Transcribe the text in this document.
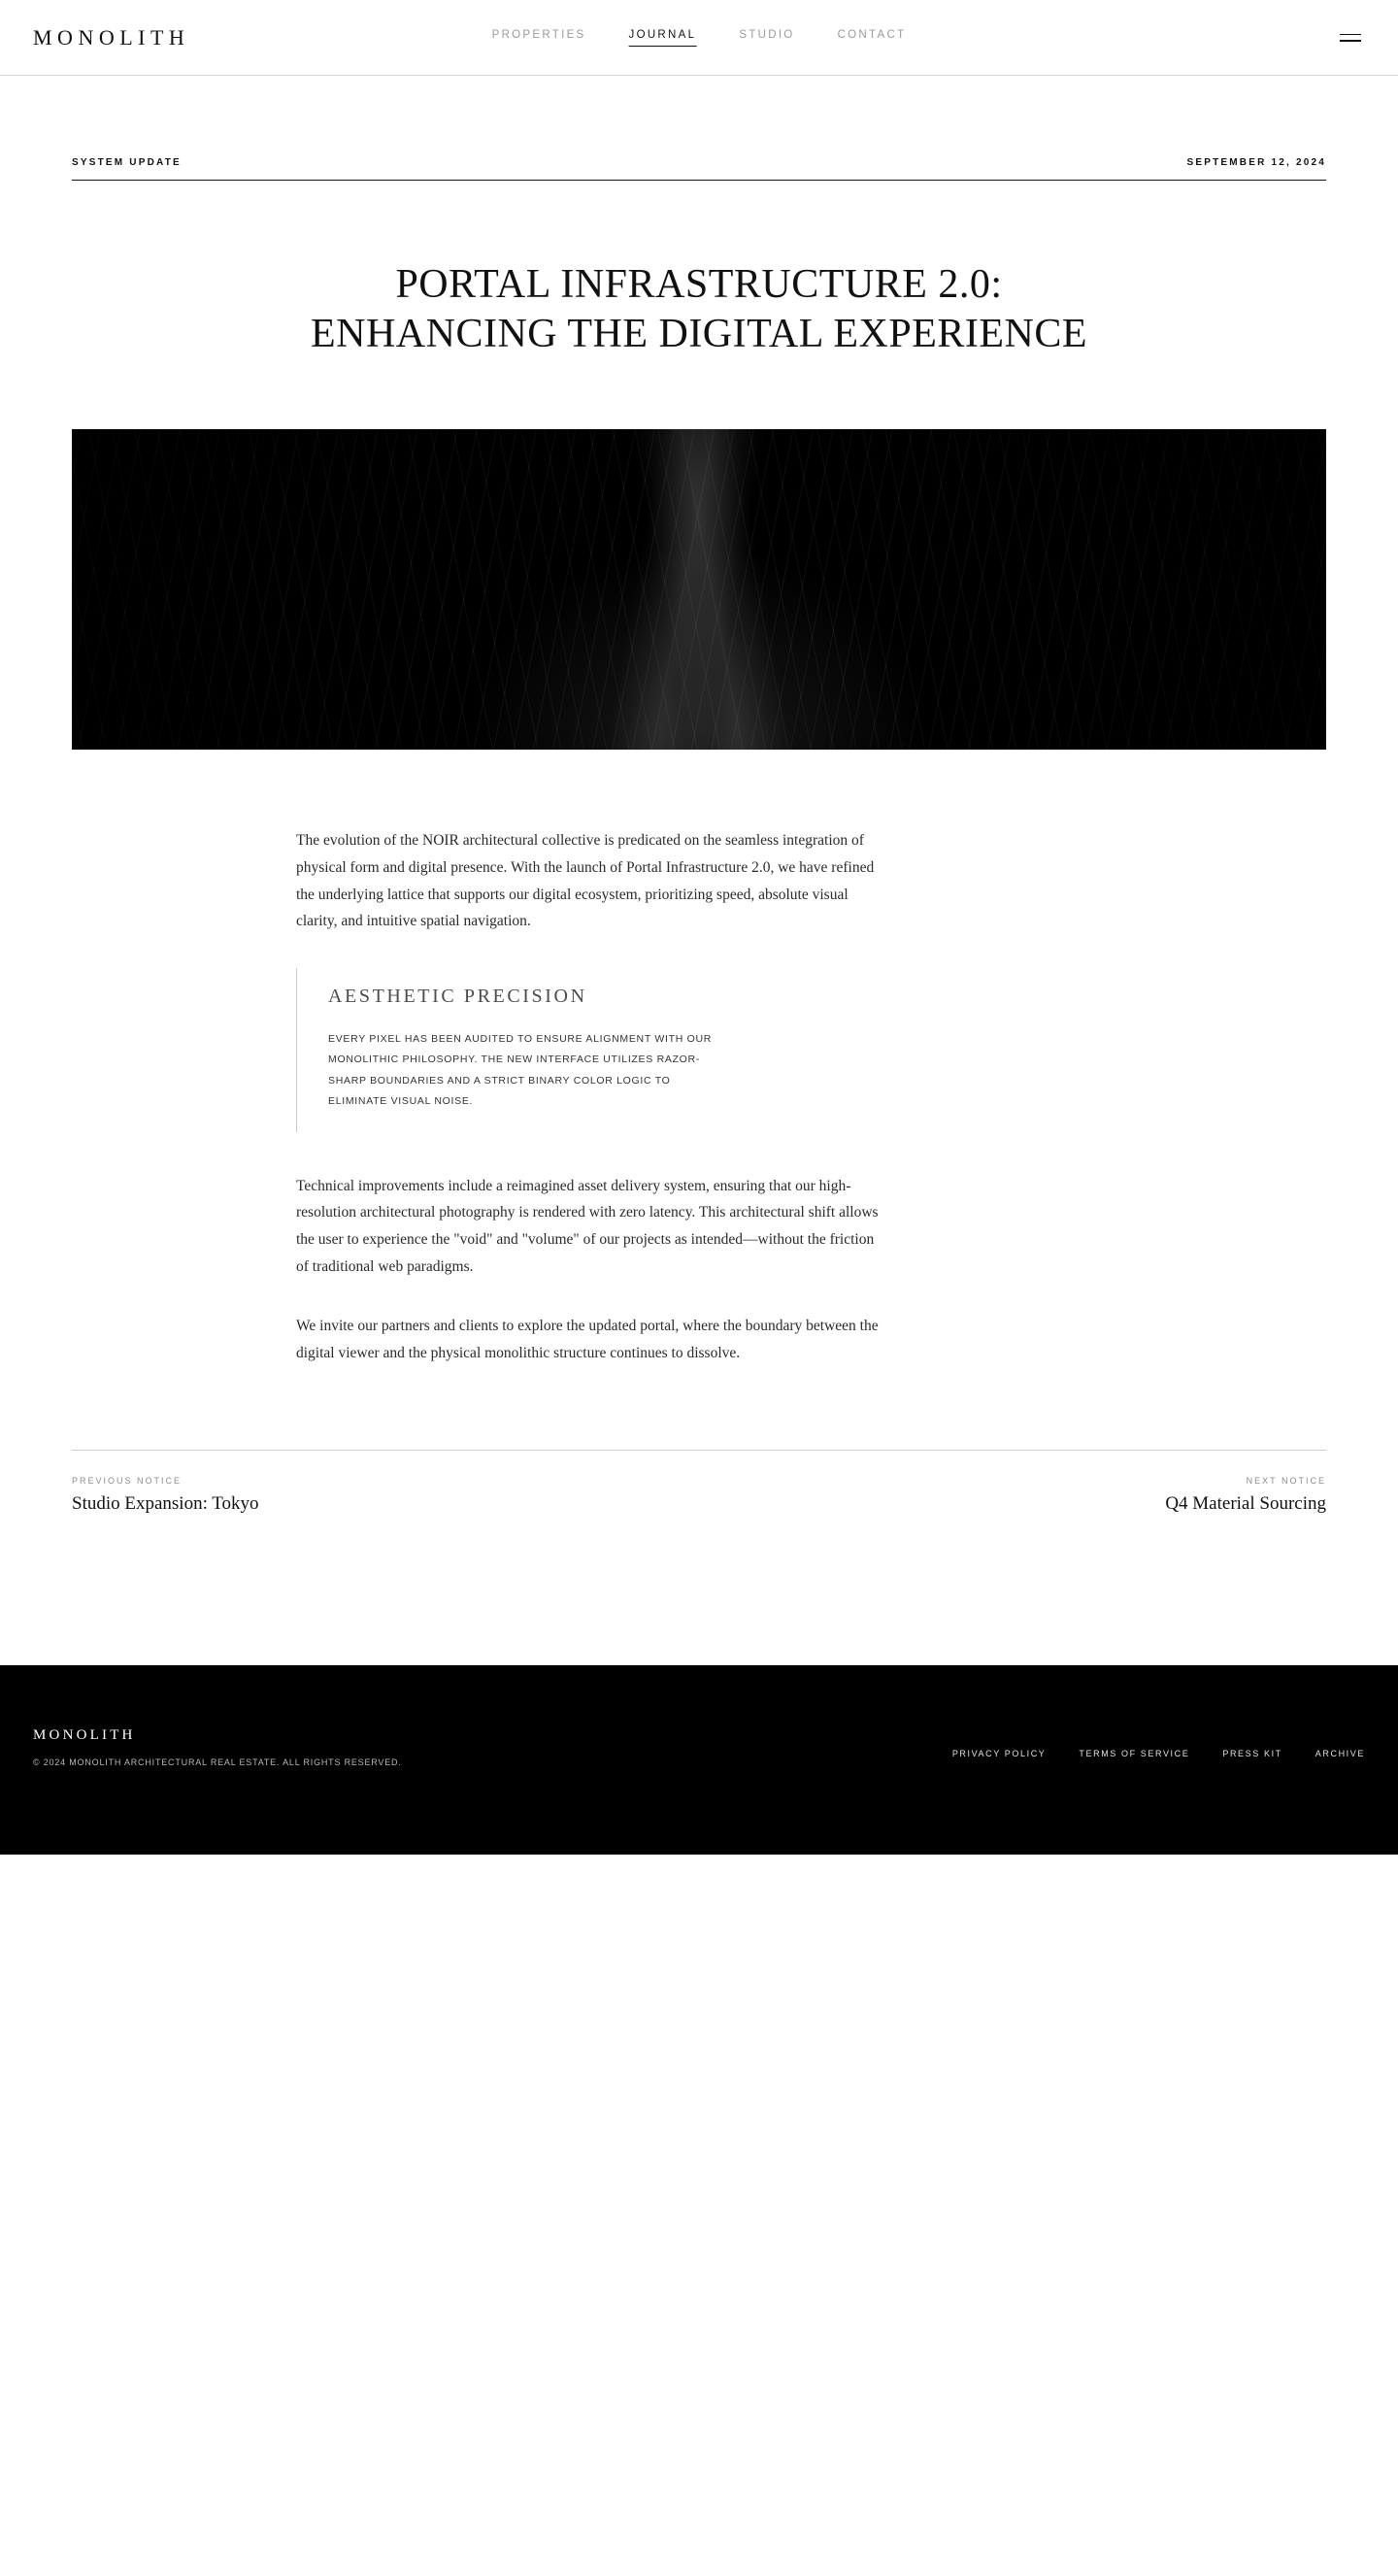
MONOLITH	PROPERTIES	JOURNAL	STUDIO	CONTACT
SYSTEM UPDATE	SEPTEMBER 12, 2024
PORTAL INFRASTRUCTURE 2.0: ENHANCING THE DIGITAL EXPERIENCE

The evolution of the NOIR architectural collective is predicated on the seamless integration of physical form and digital presence. With the launch of Portal Infrastructure 2.0, we have refined the underlying lattice that supports our digital ecosystem, prioritizing speed, absolute visual clarity, and intuitive spatial navigation.

AESTHETIC PRECISION
EVERY PIXEL HAS BEEN AUDITED TO ENSURE ALIGNMENT WITH OUR MONOLITHIC PHILOSOPHY. THE NEW INTERFACE UTILIZES RAZOR-SHARP BOUNDARIES AND A STRICT BINARY COLOR LOGIC TO ELIMINATE VISUAL NOISE.

Technical improvements include a reimagined asset delivery system, ensuring that our high-resolution architectural photography is rendered with zero latency. This architectural shift allows the user to experience the "void" and "volume" of our projects as intended—without the friction of traditional web paradigms.

We invite our partners and clients to explore the updated portal, where the boundary between the digital viewer and the physical monolithic structure continues to dissolve.

PREVIOUS NOTICE
Studio Expansion: Tokyo
NEXT NOTICE
Q4 Material Sourcing
MONOLITH
© 2024 MONOLITH ARCHITECTURAL REAL ESTATE. ALL RIGHTS RESERVED.
PRIVACY POLICY	TERMS OF SERVICE	PRESS KIT	ARCHIVE
